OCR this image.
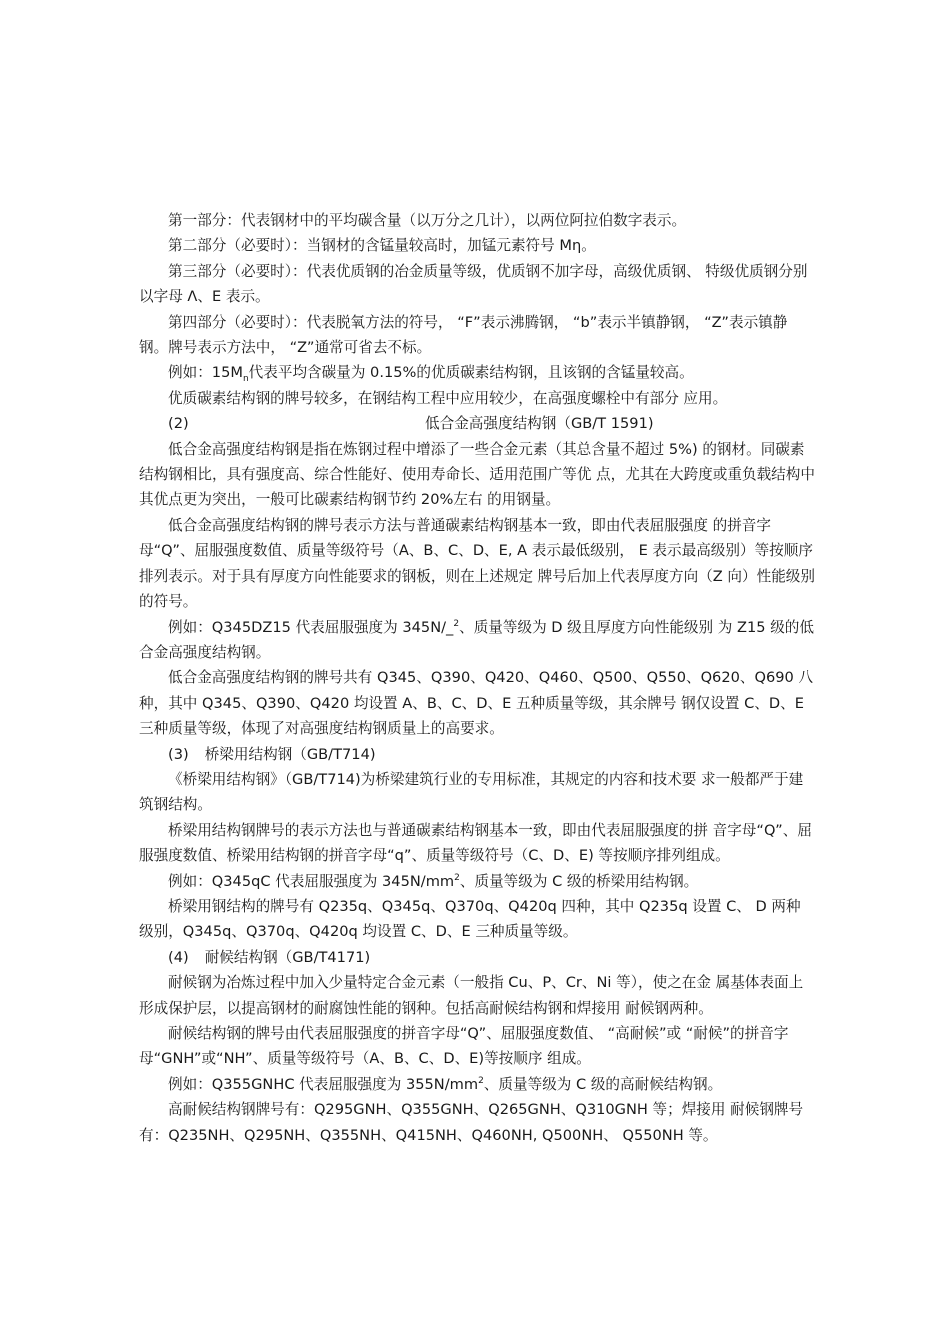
第一部分：代表钢材中的平均碳含量（以万分之几计），以两位阿拉伯数字表示。

第二部分（必要时）：当钢材的含锰量较高时，加锰元素符号 Mη。

第三部分（必要时）：代表优质钢的冶金质量等级，优质钢不加字母，高级优质钢、 特级优质钢分别以字母 Λ、E 表示。

第四部分（必要时）：代表脱氧方法的符号， “F”表示沸腾钢， “b”表示半镇静钢， “Z”表示镇静钢。牌号表示方法中， “Z”通常可省去不标。

例如：$15M_n$代表平均含碳量为 0.15%的优质碳素结构钢，且该钢的含锰量较高。

优质碳素结构钢的牌号较多，在钢结构工程中应用较少，在高强度螺栓中有部分 应用。

(2)	低合金高强度结构钢（GB/T 1591)

低合金高强度结构钢是指在炼钢过程中增添了一些合金元素（其总含量不超过 5%) 的钢材。同碳素结构钢相比，具有强度高、综合性能好、使用寿命长、适用范围广等优 点，尤其在大跨度或重负载结构中其优点更为突出，一般可比碳素结构钢节约 20%左右 的用钢量。

低合金高强度结构钢的牌号表示方法与普通碳素结构钢基本一致，即由代表屈服强度 的拼音字母“Q”、屈服强度数值、质量等级符号（A、B、C、D、E, A 表示最低级别， E 表示最高级别）等按顺序排列表示。对于具有厚度方向性能要求的钢板，则在上述规定 牌号后加上代表厚度方向（Z 向）性能级别的符号。

例如：Q345DZ15 代表屈服强度为 345N/_$^2$、质量等级为 D 级且厚度方向性能级别 为 Z15 级的低合金高强度结构钢。

低合金高强度结构钢的牌号共有 Q345、Q390、Q420、Q460、Q500、Q550、Q620、Q690 八种，其中 Q345、Q390、Q420 均设置 A、B、C、D、E 五种质量等级，其余牌号 钢仅设置 C、D、E 三种质量等级，体现了对高强度结构钢质量上的高要求。

(3) 桥梁用结构钢（GB/T714)

《桥梁用结构钢》（GB/T714)为桥梁建筑行业的专用标准，其规定的内容和技术要 求一般都严于建筑钢结构。

桥梁用结构钢牌号的表示方法也与普通碳素结构钢基本一致，即由代表屈服强度的拼 音字母“Q”、屈服强度数值、桥梁用结构钢的拼音字母“q”、质量等级符号（C、D、E) 等按顺序排列组成。

例如：Q345qC 代表屈服强度为 $345N/mm^2$、质量等级为 C 级的桥梁用结构钢。

桥梁用钢结构的牌号有 Q235q、Q345q、Q370q、Q420q 四种，其中 Q235q 设置 C、 D 两种级别，Q345q、Q370q、Q420q 均设置 C、D、E 三种质量等级。

(4) 耐候结构钢（GB/T4171)

耐候钢为冶炼过程中加入少量特定合金元素（一般指 Cu、P、Cr、Ni 等），使之在金 属基体表面上形成保护层，以提高钢材的耐腐蚀性能的钢种。包括高耐候结构钢和焊接用 耐候钢两种。

耐候结构钢的牌号由代表屈服强度的拼音字母“Q”、屈服强度数值、 “高耐候”或 “耐候”的拼音字母“GNH”或“NH”、质量等级符号（A、B、C、D、E)等按顺序 组成。

例如：Q355GNHC 代表屈服强度为 $355N/mm^2$、质量等级为 C 级的高耐候结构钢。

高耐候结构钢牌号有：Q295GNH、Q355GNH、Q265GNH、Q310GNH 等；焊接用 耐候钢牌号有：Q235NH、Q295NH、Q355NH、Q415NH、Q460NH, Q500NH、 Q550NH 等。
